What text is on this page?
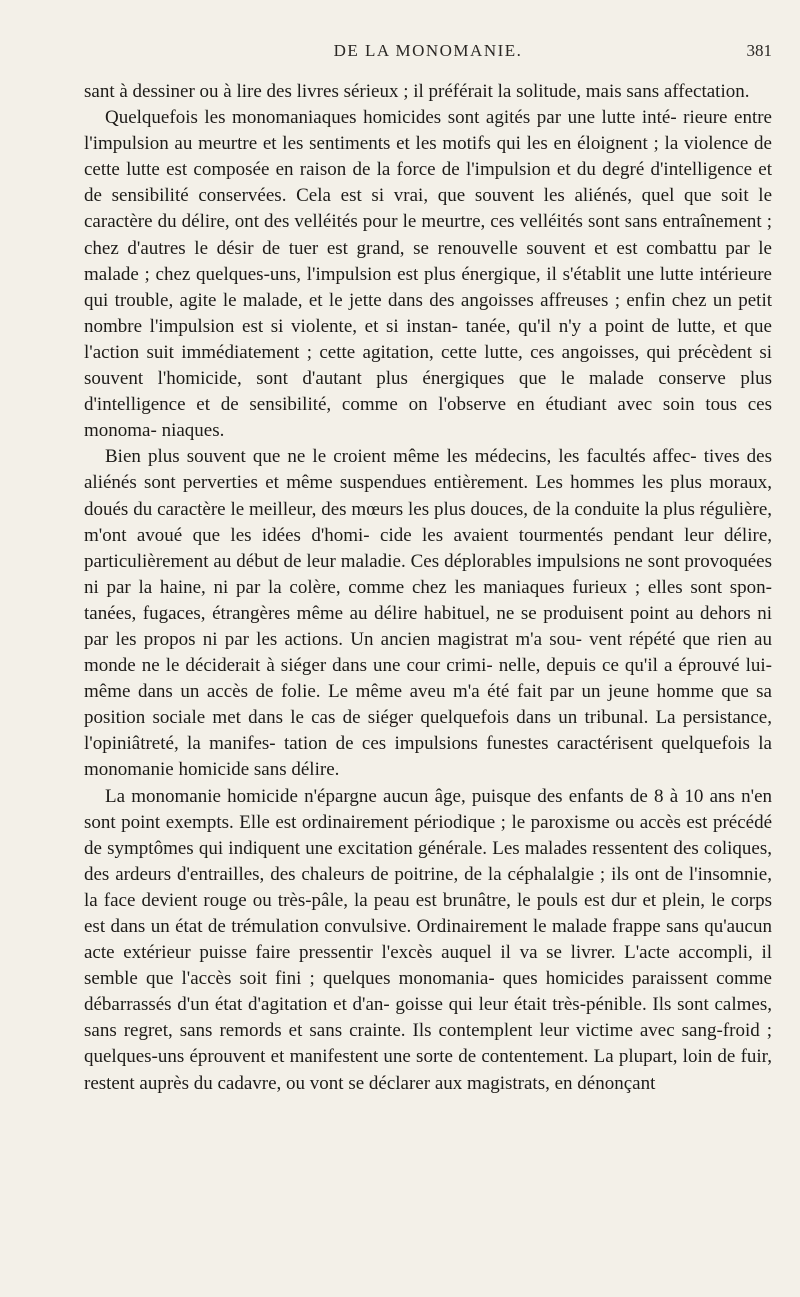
DE LA MONOMANIE.	381

sant à dessiner ou à lire des livres sérieux ; il préférait la solitude, mais sans affectation.

Quelquefois les monomaniaques homicides sont agités par une lutte inté- rieure entre l'impulsion au meurtre et les sentiments et les motifs qui les en éloignent ; la violence de cette lutte est composée en raison de la force de l'impulsion et du degré d'intelligence et de sensibilité conservées. Cela est si vrai, que souvent les aliénés, quel que soit le caractère du délire, ont des velléités pour le meurtre, ces velléités sont sans entraînement ; chez d'autres le désir de tuer est grand, se renouvelle souvent et est combattu par le malade ; chez quelques-uns, l'impulsion est plus énergique, il s'établit une lutte intérieure qui trouble, agite le malade, et le jette dans des angoisses affreuses ; enfin chez un petit nombre l'impulsion est si violente, et si instan- tanée, qu'il n'y a point de lutte, et que l'action suit immédiatement ; cette agitation, cette lutte, ces angoisses, qui précèdent si souvent l'homicide, sont d'autant plus énergiques que le malade conserve plus d'intelligence et de sensibilité, comme on l'observe en étudiant avec soin tous ces monoma- niaques.

Bien plus souvent que ne le croient même les médecins, les facultés affec- tives des aliénés sont perverties et même suspendues entièrement. Les hommes les plus moraux, doués du caractère le meilleur, des mœurs les plus douces, de la conduite la plus régulière, m'ont avoué que les idées d'homi- cide les avaient tourmentés pendant leur délire, particulièrement au début de leur maladie. Ces déplorables impulsions ne sont provoquées ni par la haine, ni par la colère, comme chez les maniaques furieux ; elles sont spon- tanées, fugaces, étrangères même au délire habituel, ne se produisent point au dehors ni par les propos ni par les actions. Un ancien magistrat m'a sou- vent répété que rien au monde ne le déciderait à siéger dans une cour crimi- nelle, depuis ce qu'il a éprouvé lui-même dans un accès de folie. Le même aveu m'a été fait par un jeune homme que sa position sociale met dans le cas de siéger quelquefois dans un tribunal. La persistance, l'opiniâtreté, la manifes- tation de ces impulsions funestes caractérisent quelquefois la monomanie homicide sans délire.

La monomanie homicide n'épargne aucun âge, puisque des enfants de 8 à 10 ans n'en sont point exempts. Elle est ordinairement périodique ; le paroxisme ou accès est précédé de symptômes qui indiquent une excitation générale. Les malades ressentent des coliques, des ardeurs d'entrailles, des chaleurs de poitrine, de la céphalalgie ; ils ont de l'insomnie, la face devient rouge ou très-pâle, la peau est brunâtre, le pouls est dur et plein, le corps est dans un état de trémulation convulsive. Ordinairement le malade frappe sans qu'aucun acte extérieur puisse faire pressentir l'excès auquel il va se livrer. L'acte accompli, il semble que l'accès soit fini ; quelques monomania- ques homicides paraissent comme débarrassés d'un état d'agitation et d'an- goisse qui leur était très-pénible. Ils sont calmes, sans regret, sans remords et sans crainte. Ils contemplent leur victime avec sang-froid ; quelques-uns éprouvent et manifestent une sorte de contentement. La plupart, loin de fuir, restent auprès du cadavre, ou vont se déclarer aux magistrats, en dénonçant
